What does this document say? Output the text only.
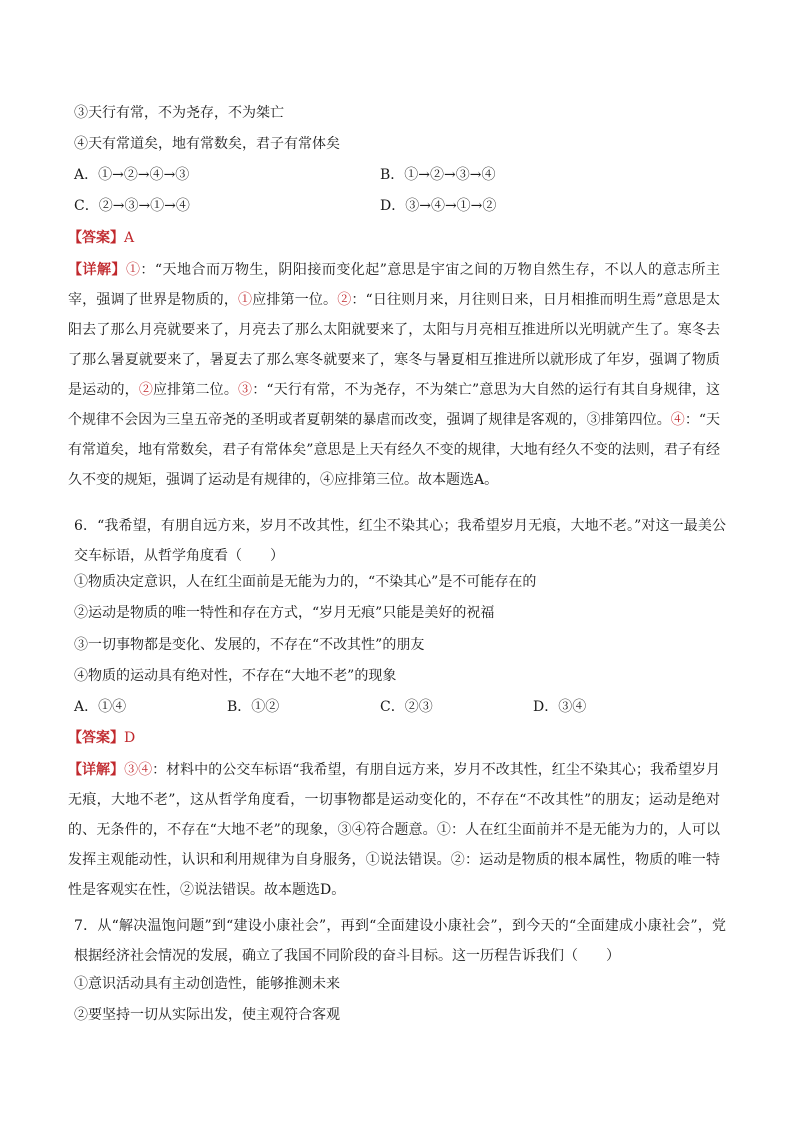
③天行有常，不为尧存，不为桀亡
④天有常道矣，地有常数矣，君子有常体矣
A．①→②→④→③	B．①→②→③→④
C．②→③→①→④	D．③→④→①→②
【答案】A
【详解】①：“天地合而万物生，阴阳接而变化起”意思是宇宙之间的万物自然生存，不以人的意志所主宰，强调了世界是物质的，①应排第一位。②：“日往则月来，月往则日来，日月相推而明生焉”意思是太阳去了那么月亮就要来了，月亮去了那么太阳就要来了，太阳与月亮相互推进所以光明就产生了。寒冬去了那么暑夏就要来了，暑夏去了那么寒冬就要来了，寒冬与暑夏相互推进所以就形成了年岁，强调了物质是运动的，②应排第二位。③：“天行有常，不为尧存，不为桀亡”意思为大自然的运行有其自身规律，这个规律不会因为三皇五帝尧的圣明或者夏朝桀的暴虐而改变，强调了规律是客观的，③排第四位。④：“天有常道矣，地有常数矣，君子有常体矣”意思是上天有经久不变的规律，大地有经久不变的法则，君子有经久不变的规矩，强调了运动是有规律的，④应排第三位。故本题选A。
6．“我希望，有朋自远方来，岁月不改其性，红尘不染其心；我希望岁月无痕，大地不老。”对这一最美公交车标语，从哲学角度看（　　）
①物质决定意识，人在红尘面前是无能为力的，“不染其心”是不可能存在的
②运动是物质的唯一特性和存在方式，“岁月无痕”只能是美好的祝福
③一切事物都是变化、发展的，不存在“不改其性”的朋友
④物质的运动具有绝对性，不存在“大地不老”的现象
A．①④	B．①②	C．②③	D．③④
【答案】D
【详解】③④：材料中的公交车标语“我希望，有朋自远方来，岁月不改其性，红尘不染其心；我希望岁月无痕，大地不老”，这从哲学角度看，一切事物都是运动变化的，不存在“不改其性”的朋友；运动是绝对的、无条件的，不存在“大地不老”的现象，③④符合题意。①：人在红尘面前并不是无能为力的，人可以发挥主观能动性，认识和利用规律为自身服务，①说法错误。②：运动是物质的根本属性，物质的唯一特性是客观实在性，②说法错误。故本题选D。
7．从“解决温饱问题”到“建设小康社会”，再到“全面建设小康社会”，到今天的“全面建成小康社会”，党根据经济社会情况的发展，确立了我国不同阶段的奋斗目标。这一历程告诉我们（　　）
①意识活动具有主动创造性，能够推测未来
②要坚持一切从实际出发，使主观符合客观
